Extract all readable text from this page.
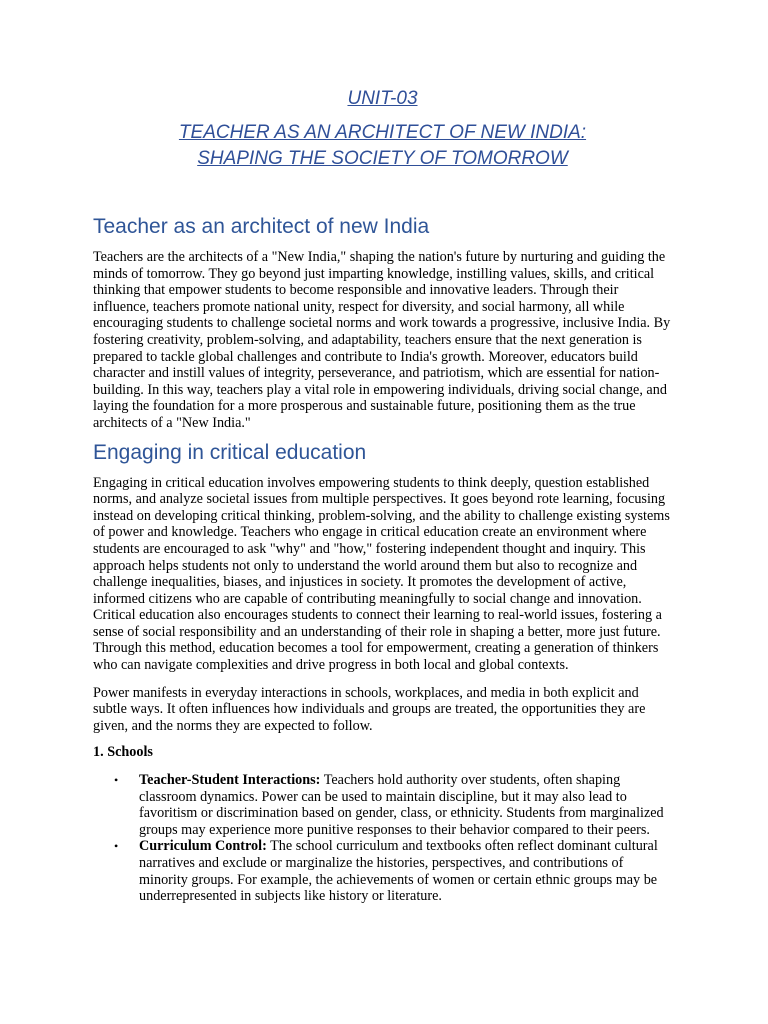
UNIT-03
TEACHER AS AN ARCHITECT OF NEW INDIA:
SHAPING THE SOCIETY OF TOMORROW
Teacher as an architect of new India

Teachers are the architects of a "New India," shaping the nation's future by nurturing and guiding the minds of tomorrow. They go beyond just imparting knowledge, instilling values, skills, and critical thinking that empower students to become responsible and innovative leaders. Through their influence, teachers promote national unity, respect for diversity, and social harmony, all while encouraging students to challenge societal norms and work towards a progressive, inclusive India. By fostering creativity, problem-solving, and adaptability, teachers ensure that the next generation is prepared to tackle global challenges and contribute to India's growth. Moreover, educators build character and instill values of integrity, perseverance, and patriotism, which are essential for nation-building. In this way, teachers play a vital role in empowering individuals, driving social change, and laying the foundation for a more prosperous and sustainable future, positioning them as the true architects of a "New India."

Engaging in critical education

Engaging in critical education involves empowering students to think deeply, question established norms, and analyze societal issues from multiple perspectives. It goes beyond rote learning, focusing instead on developing critical thinking, problem-solving, and the ability to challenge existing systems of power and knowledge. Teachers who engage in critical education create an environment where students are encouraged to ask "why" and "how," fostering independent thought and inquiry. This approach helps students not only to understand the world around them but also to recognize and challenge inequalities, biases, and injustices in society. It promotes the development of active, informed citizens who are capable of contributing meaningfully to social change and innovation. Critical education also encourages students to connect their learning to real-world issues, fostering a sense of social responsibility and an understanding of their role in shaping a better, more just future. Through this method, education becomes a tool for empowerment, creating a generation of thinkers who can navigate complexities and drive progress in both local and global contexts.

Power manifests in everyday interactions in schools, workplaces, and media in both explicit and subtle ways. It often influences how individuals and groups are treated, the opportunities they are given, and the norms they are expected to follow.

1. Schools
• Teacher-Student Interactions: Teachers hold authority over students, often shaping classroom dynamics. Power can be used to maintain discipline, but it may also lead to favoritism or discrimination based on gender, class, or ethnicity. Students from marginalized groups may experience more punitive responses to their behavior compared to their peers.
• Curriculum Control: The school curriculum and textbooks often reflect dominant cultural narratives and exclude or marginalize the histories, perspectives, and contributions of minority groups. For example, the achievements of women or certain ethnic groups may be underrepresented in subjects like history or literature.
